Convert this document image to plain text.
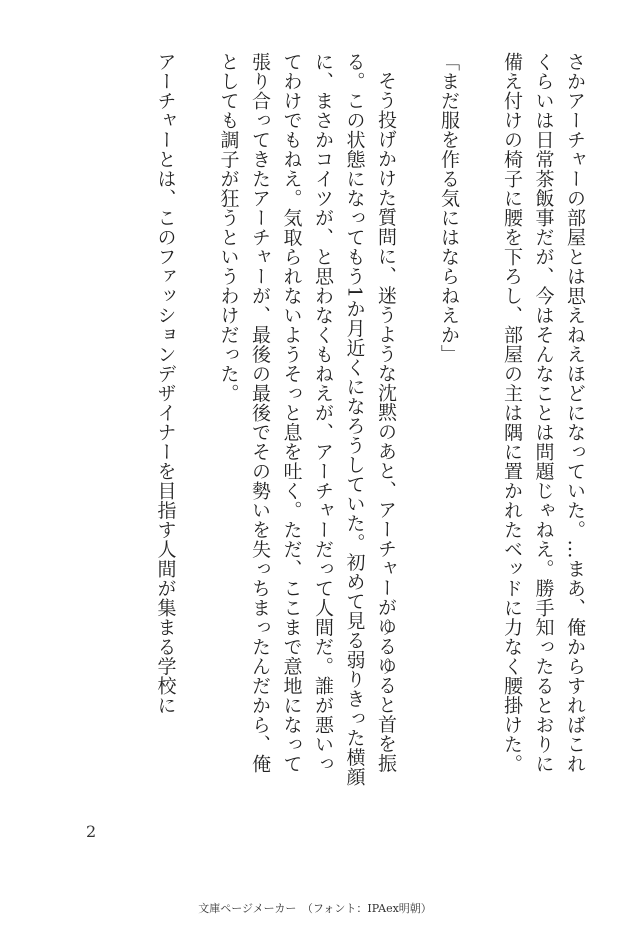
さかアーチャーの部屋とは思えねえほどになっていた。…まあ、俺からすればこれくらいは日常茶飯事だが、今はそんなことは問題じゃねえ。勝手知ったるとおりに備え付けの椅子に腰を下ろし、部屋の主は隅に置かれたベッドに力なく腰掛けた。

「まだ服を作る気にはならねえか」

そう投げかけた質問に、迷うような沈黙のあと、アーチャーがゆるゆると首を振る。この状態になってもう1か月近くになろうしていた。初めて見る弱りきった横顔に、まさかコイツが、と思わなくもねえが、アーチャーだって人間だ。誰が悪いってわけでもねえ。気取られないようそっと息を吐く。ただ、ここまで意地になって張り合ってきたアーチャーが、最後の最後でその勢いを失っちまったんだから、俺としても調子が狂うというわけだった。

アーチャーとは、このファッションデザイナーを目指す人間が集まる学校に

2
文庫ページメーカー　（フォント：IPAex明朝）
